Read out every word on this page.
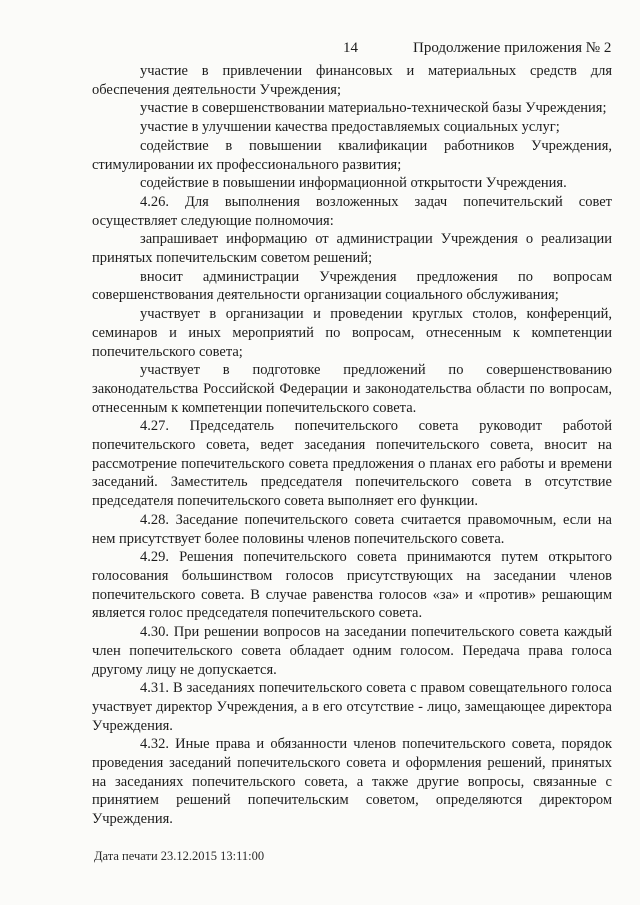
14	Продолжение приложения № 2

участие в привлечении финансовых и материальных средств для обеспечения деятельности Учреждения;

участие в совершенствовании материально-технической базы Учреждения;

участие в улучшении качества предоставляемых социальных услуг;

содействие в повышении квалификации работников Учреждения, стимулировании их профессионального развития;

содействие в повышении информационной открытости Учреждения.

4.26. Для выполнения возложенных задач попечительский совет осуществляет следующие полномочия:

запрашивает информацию от администрации Учреждения о реализации принятых попечительским советом решений;

вносит администрации Учреждения предложения по вопросам совершенствования деятельности организации социального обслуживания;

участвует в организации и проведении круглых столов, конференций, семинаров и иных мероприятий по вопросам, отнесенным к компетенции попечительского совета;

участвует в подготовке предложений по совершенствованию законодательства Российской Федерации и законодательства области по вопросам, отнесенным к компетенции попечительского совета.

4.27. Председатель попечительского совета руководит работой попечительского совета, ведет заседания попечительского совета, вносит на рассмотрение попечительского совета предложения о планах его работы и времени заседаний. Заместитель председателя попечительского совета в отсутствие председателя попечительского совета выполняет его функции.

4.28. Заседание попечительского совета считается правомочным, если на нем присутствует более половины членов попечительского совета.

4.29. Решения попечительского совета принимаются путем открытого голосования большинством голосов присутствующих на заседании членов попечительского совета. В случае равенства голосов «за» и «против» решающим является голос председателя попечительского совета.

4.30. При решении вопросов на заседании попечительского совета каждый член попечительского совета обладает одним голосом. Передача права голоса другому лицу не допускается.

4.31. В заседаниях попечительского совета с правом совещательного голоса участвует директор Учреждения, а в его отсутствие - лицо, замещающее директора Учреждения.

4.32. Иные права и обязанности членов попечительского совета, порядок проведения заседаний попечительского совета и оформления решений, принятых на заседаниях попечительского совета, а также другие вопросы, связанные с принятием решений попечительским советом, определяются директором Учреждения.

Дата печати 23.12.2015 13:11:00
